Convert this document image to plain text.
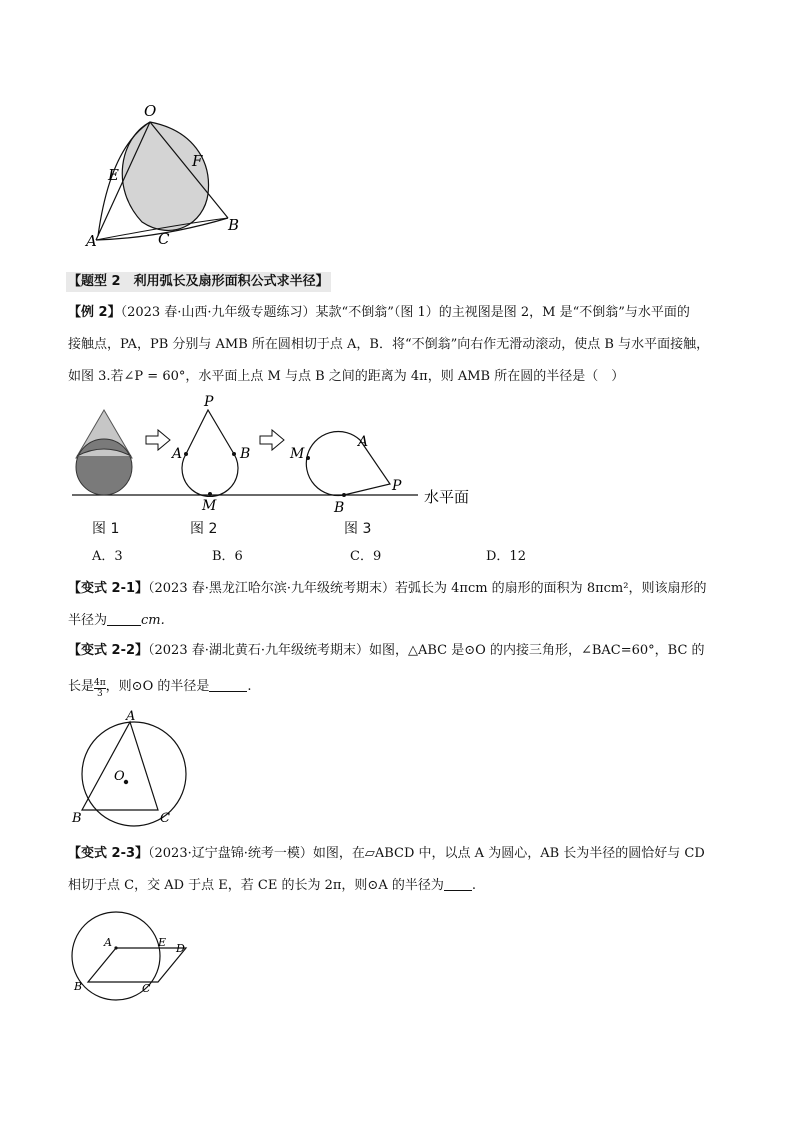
O
F
E
B
A	C
【题型 2　利用弧长及扇形面积公式求半径】
【例 2】（2023 春·山西·九年级专题练习）某款“不倒翁”（图 1）的主视图是图 2，M 是“不倒翁”与水平面的
接触点，PA，PB 分别与 AMB 所在圆相切于点 A，B．将“不倒翁”向右作无滑动滚动，使点 B 与水平面接触，
如图 3.若∠P = 60°，水平面上点 M 与点 B 之间的距离为 4π，则 AMB 所在圆的半径是（　）
P
A	B
M
M
A
P
B
水平面
图 1	图 2	图 3
A．3	B．6	C．9	D．12
【变式 2-1】（2023 春·黑龙江哈尔滨·九年级统考期末）若弧长为 4πcm 的扇形的面积为 8πcm²，则该扇形的
半径为	cm.
【变式 2-2】（2023 春·湖北黄石·九年级统考期末）如图，△ABC 是⊙O 的内接三角形，∠BAC=60°，BC 的
长是 $\frac{4\pi}{3}$ ，则⊙O 的半径是	.
A
O
B	C
【变式 2-3】（2023·辽宁盘锦·统考一模）如图，在▱ABCD 中，以点 A 为圆心，AB 长为半径的圆恰好与 CD
相切于点 C，交 AD 于点 E，若 CE 的长为 2π，则⊙A 的半径为 .
A	E D
B	C
